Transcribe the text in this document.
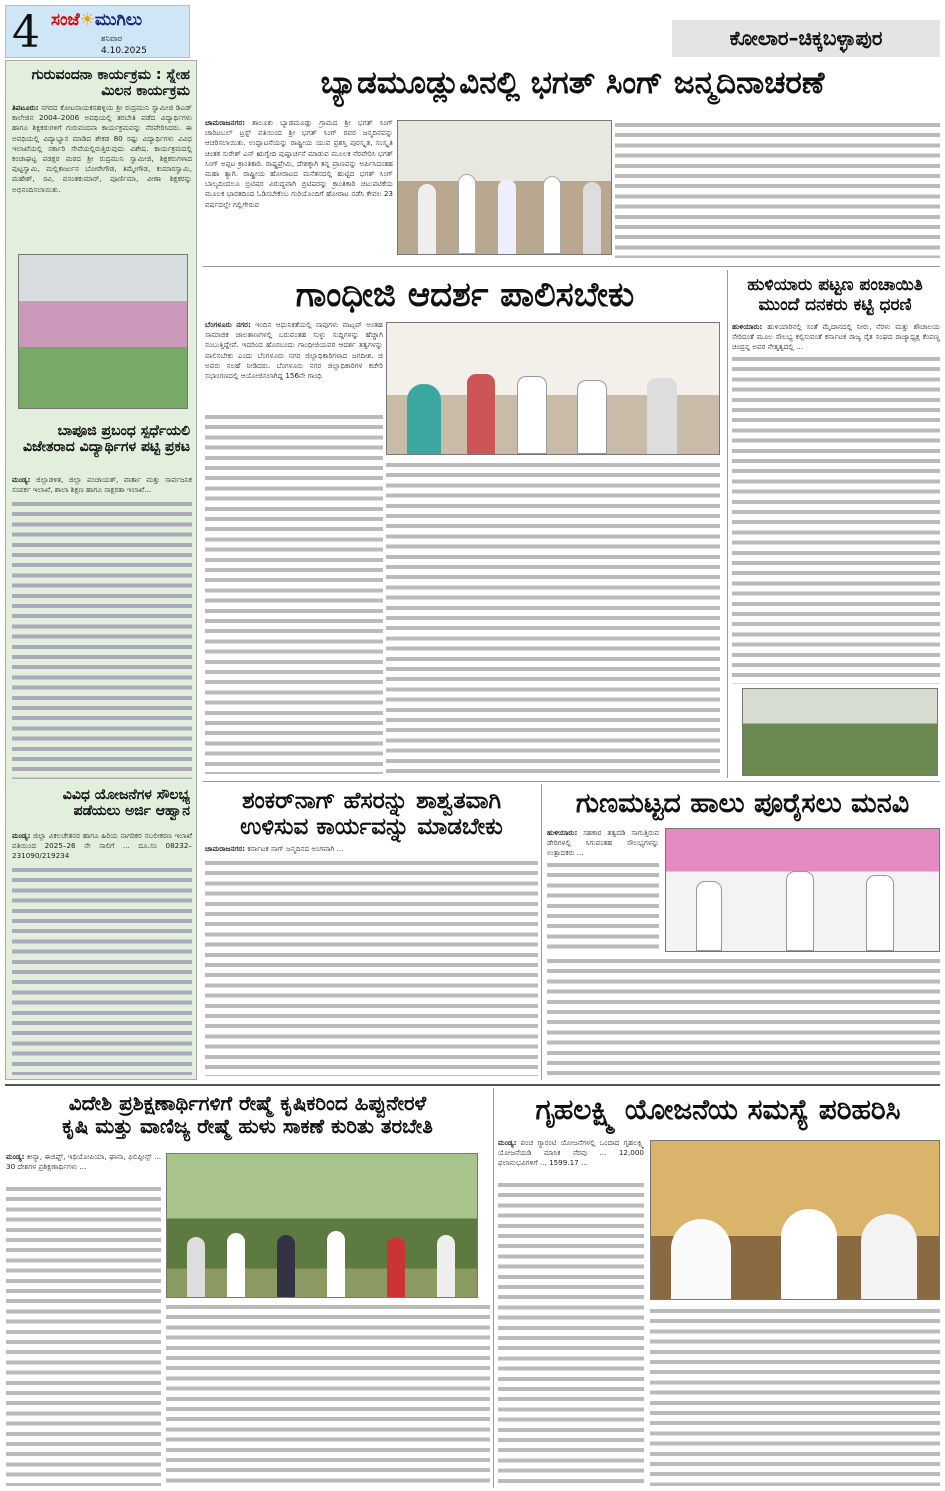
4 ಸಂಜೆ☀ಮುಗಿಲು
ಶನಿವಾರ
4.10.2025
ಕೋಲಾರ–ಚಿಕ್ಕಬಳ್ಳಾಪುರ
ಗುರುವಂದನಾ ಕಾರ್ಯಕ್ರಮ : ಸ್ನೇಹ ಮಿಲನ ಕಾರ್ಯಕ್ರಮ
ತಿಪಟೂರು: ನಗರದ ಕೋಟನಾಯಕನಹಳ್ಳಿಯ ಶ್ರೀ ರುದ್ರಮುನಿ ಸ್ವಾಮೀಜಿ ಡಿಎಡ್ ಕಾಲೇಜಿನ 2004–2006 ಅವಧಿಯಲ್ಲಿ ತರಬೇತಿ ಪಡೆದ ವಿದ್ಯಾರ್ಥಿಗಳು ಹಾಗೂ ಶಿಕ್ಷಕರುಗಳಿಗೆ ಗುರುವಂದನಾ ಕಾರ್ಯಕ್ರಮವನ್ನು ನೆರವೇರಿಸಿದರು. ಈ ಅವಧಿಯಲ್ಲಿ ವಿದ್ಯಾಭ್ಯಾಸ ಮಾಡಿದ ಶೇಕಡ 80 ರಷ್ಟು ವಿದ್ಯಾರ್ಥಿಗಳು ವಿವಿಧ ಇಲಾಖೆಯಲ್ಲಿ ಸರ್ಕಾರಿ ಸೇವೆಯಲ್ಲಿರುತ್ತಿರುವುದು ವಿಶೇಷ. ಕಾರ್ಯಕ್ರಮದಲ್ಲಿ ಕಂಚಾಘಟ್ಟ ಪಡಕ್ಷರ ಮಠದ ಶ್ರೀ ರುದ್ರಮುನಿ ಸ್ವಾಮೀಜಿ, ಶಿಕ್ಷಕರುಗಳಾದ ಪುಟ್ಟಸ್ವಾಮಿ, ಮಲ್ಲಿಕಾರ್ಜುನ ಬೋರೇಗೌಡ, ತಿಮ್ಮೇಗೌಡ, ಕುಮಾರಸ್ವಾಮಿ, ಮಹೇಶ್, ರವಿ, ವಸಂತಕುಮಾರ್, ಪೂರ್ಣಿಮಾ, ವೀಣಾ ಶಿಕ್ಷಕರನ್ನು ಅಭಿನಂದಿಸಲಾಯಿತು.
ಬಾಪೂಜಿ ಪ್ರಬಂಧ ಸ್ಪರ್ಧೆಯಲಿ ವಿಜೇತರಾದ ವಿದ್ಯಾರ್ಥಿಗಳ ಪಟ್ಟಿ ಪ್ರಕಟ
ಮಂಡ್ಯ: ಜಿಲ್ಲಾಡಳಿತ, ಜಿಲ್ಲಾ ಪಂಚಾಯತ್, ವಾರ್ತಾ ಮತ್ತು ಸಾರ್ವಜನಿಕ ಸಂಪರ್ಕ ಇಲಾಖೆ, ಶಾಲಾ ಶಿಕ್ಷಣ ಹಾಗೂ ಸಾಕ್ಷರತಾ ಇಲಾಖೆ...
ವಿವಿಧ ಯೋಜನೆಗಳ ಸೌಲಭ್ಯ ಪಡೆಯಲು ಅರ್ಜಿ ಆಹ್ವಾನ
ಮಂಡ್ಯ: ಜಿಲ್ಲಾ ವಿಕಲಚೇತನರ ಹಾಗೂ ಹಿರಿಯ ನಾಗರಿಕರ ಸಬಲೀಕರಣ ಇಲಾಖೆ ವತಿಯಿಂದ 2025–26 ನೇ ಸಾಲಿಗೆ ... ದೂ.ಸಂ 08232–231090/219234
ಬ್ಯಾಡಮೂಡ್ಲುವಿನಲ್ಲಿ ಭಗತ್ ಸಿಂಗ್ ಜನ್ಮದಿನಾಚರಣೆ
ಚಾಮರಾಜನಗರ: ತಾಲೂಕು ಬ್ಯಾಡಮೂಡ್ಲು ಗ್ರಾಮದ ಶ್ರೀ ಭಗತ್ ಸಿಂಗ್ ಚಾರಿಟಬಲ್ ಟ್ರಸ್ಟ್ ವತಿಯಿಂದ ಶ್ರೀ ಭಗತ್ ಸಿಂಗ್ ರವರ ಜನ್ಮದಿನವನ್ನು ಆಚರಿಸಲಾಯಿತು. ಉದ್ಘಾಟನೆಯನ್ನು ರಾಷ್ಟ್ರೀಯ ಯುವ ಪ್ರಶಸ್ತಿ ಪುರಸ್ಕೃತ, ಸಂಸ್ಕೃತಿ ಚಿಂತಕ ಸುರೇಶ್ ಎನ್ ಋಗ್ವೇದಿ ಪುಷ್ಪಾರ್ಚನೆ ಮಾಡುವ ಮೂಲಕ ನೆರವೇರಿಸಿ ಭಗತ್ ಸಿಂಗ್ ಅಪ್ಪಟ ಕ್ರಾಂತಿಕಾರಿ. ರಾಷ್ಟ್ರಪ್ರೇಮಿ, ದೇಶಕ್ಕಾಗಿ ತನ್ನ ಪ್ರಾಣವನ್ನು ಅರ್ಪಿಸಿದಂತಹ ಮಹಾ ತ್ಯಾಗಿ. ರಾಷ್ಟ್ರೀಯ ಹೋರಾಟದ ಮನೆತನದಲ್ಲಿ ಹುಟ್ಟಿದ ಭಗತ್ ಸಿಂಗ್ ಬಾಲ್ಯದಿಂದಲೂ ಬ್ರಿಟಿಷರ ವಿರುದ್ಧವಾಗಿ ಬ್ರಿಟಿಷರನ್ನು ಕ್ರಾಂತಿಕಾರಿ ಚಟುವಟಿಕೆಯ ಮೂಲಕ ಭಾರತದಿಂದ ಓಡಿಸಬೇಕೆಂಬ ಗುರಿಯೊಂದಿಗೆ ಹೋರಾಟ ನಡೆಸಿ ಕೇವಲ 23 ವರ್ಷದಲ್ಲೇ ಗಲ್ಲಿಗೇರುವ
ಗಾಂಧೀಜಿ ಆದರ್ಶ ಪಾಲಿಸಬೇಕು
ಬೆಂಗಳೂರು ನಗರ: ಇಂದಿನ ಆಧುನಿಕತೆಯಲ್ಲಿ ನಾವುಗಳು ವಾಟ್ಸಪ್ ಅಂತಹ ಸಾಮಾಜಿಕ ಜಾಲತಾಣಗಳಲ್ಲಿ ಬರುವಂತಹ ಸುಳ್ಳು ಸುದ್ದಿಗಳನ್ನು ಹೆಚ್ಚಾಗಿ ನಂಬುತ್ತಿದ್ದೇವೆ. ಇದರಿಂದ ಹೊರಬಂದು ಗಾಂಧೀಜಿಯವರ ಆದರ್ಶ ತತ್ವಗಳನ್ನು ಪಾಲಿಸಬೇಕು ಎಂದು ಬೆಂಗಳೂರು ನಗರ ಜಿಲ್ಲಾಧಿಕಾರಿಗಳಾದ ಜಗದೀಶ. ಜಿ ಅವರು ಸಲಹೆ ನೀಡಿದರು. ಬೆಂಗಳೂರು ನಗರ ಜಿಲ್ಲಾಧಿಕಾರಿಗಳ ಕಚೇರಿ ಸಭಾಂಗಣದಲ್ಲಿ ಆಯೋಜಿಸಲಾಗಿದ್ದ 156ನೇ ಗಾಂಧಿ
ಹುಳಿಯಾರು ಪಟ್ಟಣ ಪಂಚಾಯಿತಿ ಮುಂದೆ ದನಕರು ಕಟ್ಟಿ ಧರಣಿ
ಹುಳಿಯಾರು: ಹುಳಿಯಾರಿನಲ್ಲಿ ಸಂತೆ ಮೈದಾನದಲ್ಲಿ ನೀರು, ನೆರಳು ಮತ್ತು ಶೌಚಾಲಯ ಸೇರಿದಂತೆ ಮೂಲ ಸೌಲಭ್ಯ ಕಲ್ಪಿಸುವಂತೆ ಕರ್ನಾಟಕ ರಾಜ್ಯ ರೈತ ಸಂಘದ ರಾಜ್ಯಾಧ್ಯಕ್ಷ ಕೆಂಪಣ್ಣ ಚಿಂದ್ರನ್ನ ಅವರ ನೇತೃತ್ವದಲ್ಲಿ ...
ಶಂಕರ್‌ನಾಗ್ ಹೆಸರನ್ನು ಶಾಶ್ವತವಾಗಿ ಉಳಿಸುವ ಕಾರ್ಯವನ್ನು ಮಾಡಬೇಕು
ಚಾಮರಾಜನಗರ: ಕರ್ನಾಟಕ ನಾಗ್ ಜನ್ಮದಿನದ ಅಂಗವಾಗಿ ...
ಗುಣಮಟ್ಟದ ಹಾಲು ಪೂರೈಸಲು ಮನವಿ
ಹುಳಿಯಾರು: ಸಹಕಾರ ತತ್ವದಡಿ ಸಾಗುತ್ತಿರುವ ಡೇರಿಗಳಲ್ಲಿ ಸಿಗುವಂತಹ ಸೌಲಭ್ಯಗಳನ್ನು ಉತ್ಪಾದಕರು ...
ವಿದೇಶಿ ಪ್ರಶಿಕ್ಷಣಾರ್ಥಿಗಳಿಗೆ ರೇಷ್ಮೆ ಕೃಷಿಕರಿಂದ ಹಿಪ್ಪುನೇರಳೆ
ಕೃಷಿ ಮತ್ತು ವಾಣಿಜ್ಯ ರೇಷ್ಮೆ ಹುಳು ಸಾಕಣೆ ಕುರಿತು ತರಬೇತಿ
ಮಂಡ್ಯ: ಕೀನ್ಯಾ, ಈಜಿಪ್ಟ್, ಇಥಿಯೋಪಿಯಾ, ಘಾನಾ, ಫಿಲಿಪ್ಪೀನ್ಸ್ ... 30 ದೇಶಗಳ ಪ್ರಶಿಕ್ಷಣಾರ್ಥಿಗಳು ...
ಗೃಹಲಕ್ಷ್ಮಿ ಯೋಜನೆಯ ಸಮಸ್ಯೆ ಪರಿಹರಿಸಿ
ಮಂಡ್ಯ: ಪಂಚ ಗ್ಯಾರಂಟಿ ಯೋಜನೆಗಳಲ್ಲಿ ಒಂದಾದ ಗೃಹಲಕ್ಷ್ಮಿ ಯೋಜನೆಯಡಿ ಮಾಸಿಕ ನೆರವು ... 12,000 ಫಲಾನುಭವಿಗಳಿಗೆ ... 1599.17 ...
